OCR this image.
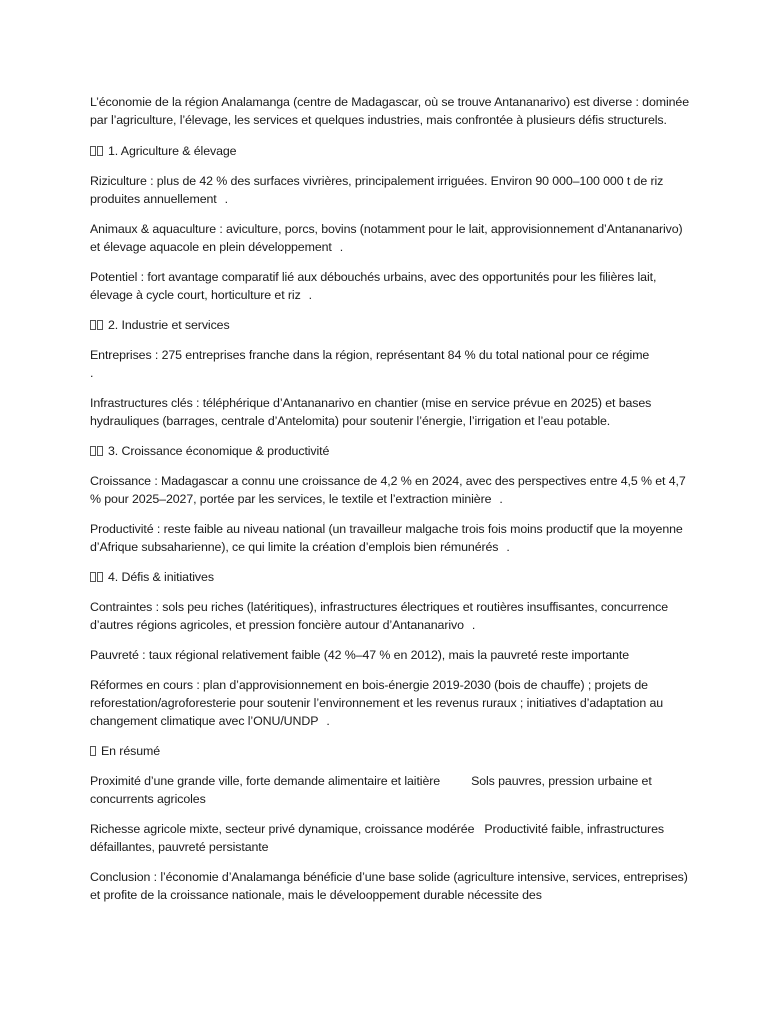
L’économie de la région Analamanga (centre de Madagascar, où se trouve Antananarivo) est diverse : dominée par l’agriculture, l’élevage, les services et quelques industries, mais confrontée à plusieurs défis structurels.

1. Agriculture & élevage

Riziculture : plus de 42 % des surfaces vivrières, principalement irriguées. Environ 90 000–100 000 t de riz produites annuellement .

Animaux & aquaculture : aviculture, porcs, bovins (notamment pour le lait, approvisionnement d’Antananarivo) et élevage aquacole en plein développement .

Potentiel : fort avantage comparatif lié aux débouchés urbains, avec des opportunités pour les filières lait, élevage à cycle court, horticulture et riz .

2. Industrie et services

Entreprises : 275 entreprises franche dans la région, représentant 84 % du total national pour ce régime
.

Infrastructures clés : téléphérique d’Antananarivo en chantier (mise en service prévue en 2025) et bases hydrauliques (barrages, centrale d’Antelomita) pour soutenir l’énergie, l’irrigation et l’eau potable.

3. Croissance économique & productivité

Croissance : Madagascar a connu une croissance de 4,2 % en 2024, avec des perspectives entre 4,5 % et 4,7 % pour 2025–2027, portée par les services, le textile et l’extraction minière .

Productivité : reste faible au niveau national (un travailleur malgache trois fois moins productif que la moyenne d’Afrique subsaharienne), ce qui limite la création d’emplois bien rémunérés .

4. Défis & initiatives

Contraintes : sols peu riches (latéritiques), infrastructures électriques et routières insuffisantes, concurrence d’autres régions agricoles, et pression foncière autour d’Antananarivo .

Pauvreté : taux régional relativement faible (42 %–47 % en 2012), mais la pauvreté reste importante

Réformes en cours : plan d’approvisionnement en bois-énergie 2019-2030 (bois de chauffe) ; projets de reforestation/agroforesterie pour soutenir l’environnement et les revenus ruraux ; initiatives d’adaptation au changement climatique avec l’ONU/UNDP .

En résumé

Proximité d’une grande ville, forte demande alimentaire et laitière	Sols pauvres, pression urbaine et concurrents agricoles

Richesse agricole mixte, secteur privé dynamique, croissance modérée Productivité faible, infrastructures défaillantes, pauvreté persistante

Conclusion : l’économie d’Analamanga bénéficie d’une base solide (agriculture intensive, services, entreprises) et profite de la croissance nationale, mais le dévelooppement durable nécessite des
